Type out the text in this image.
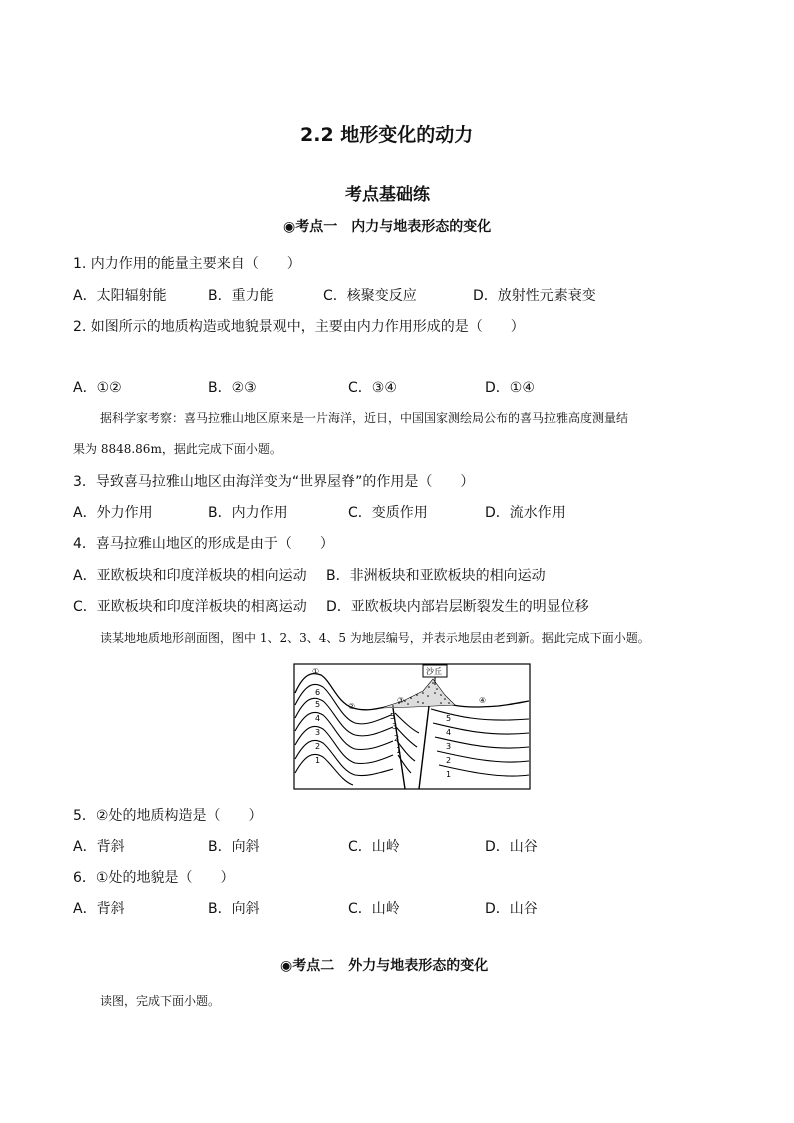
2.2 地形变化的动力
考点基础练
◉考点一　内力与地表形态的变化
1. 内力作用的能量主要来自（　　）
A．太阳辐射能	B．重力能	C．核聚变反应	D．放射性元素衰变
2. 如图所示的地质构造或地貌景观中，主要由内力作用形成的是（　　）
A．①②	B．②③	C．③④	D．①④
据科学家考察：喜马拉雅山地区原来是一片海洋，近日，中国国家测绘局公布的喜马拉雅高度测量结
果为 8848.86m，据此完成下面小题。
3．导致喜马拉雅山地区由海洋变为“世界屋脊”的作用是（　　）
A．外力作用	B．内力作用	C．变质作用	D．流水作用
4．喜马拉雅山地区的形成是由于（　　）
A．亚欧板块和印度洋板块的相向运动 B．非洲板块和亚欧板块的相向运动
C．亚欧板块和印度洋板块的相离运动 D．亚欧板块内部岩层断裂发生的明显位移
读某地地质地形剖面图，图中 1、2、3、4、5 为地层编号，并表示地层由老到新。据此完成下面小题。
沙丘
①
②
③	④
6
5
4
3
2
1
5
3
2
1
5
4
3
2
1
5．②处的地质构造是（　　）
A．背斜	B．向斜	C．山岭	D．山谷
6．①处的地貌是（　　）
A．背斜	B．向斜	C．山岭	D．山谷
◉考点二　外力与地表形态的变化
读图，完成下面小题。
